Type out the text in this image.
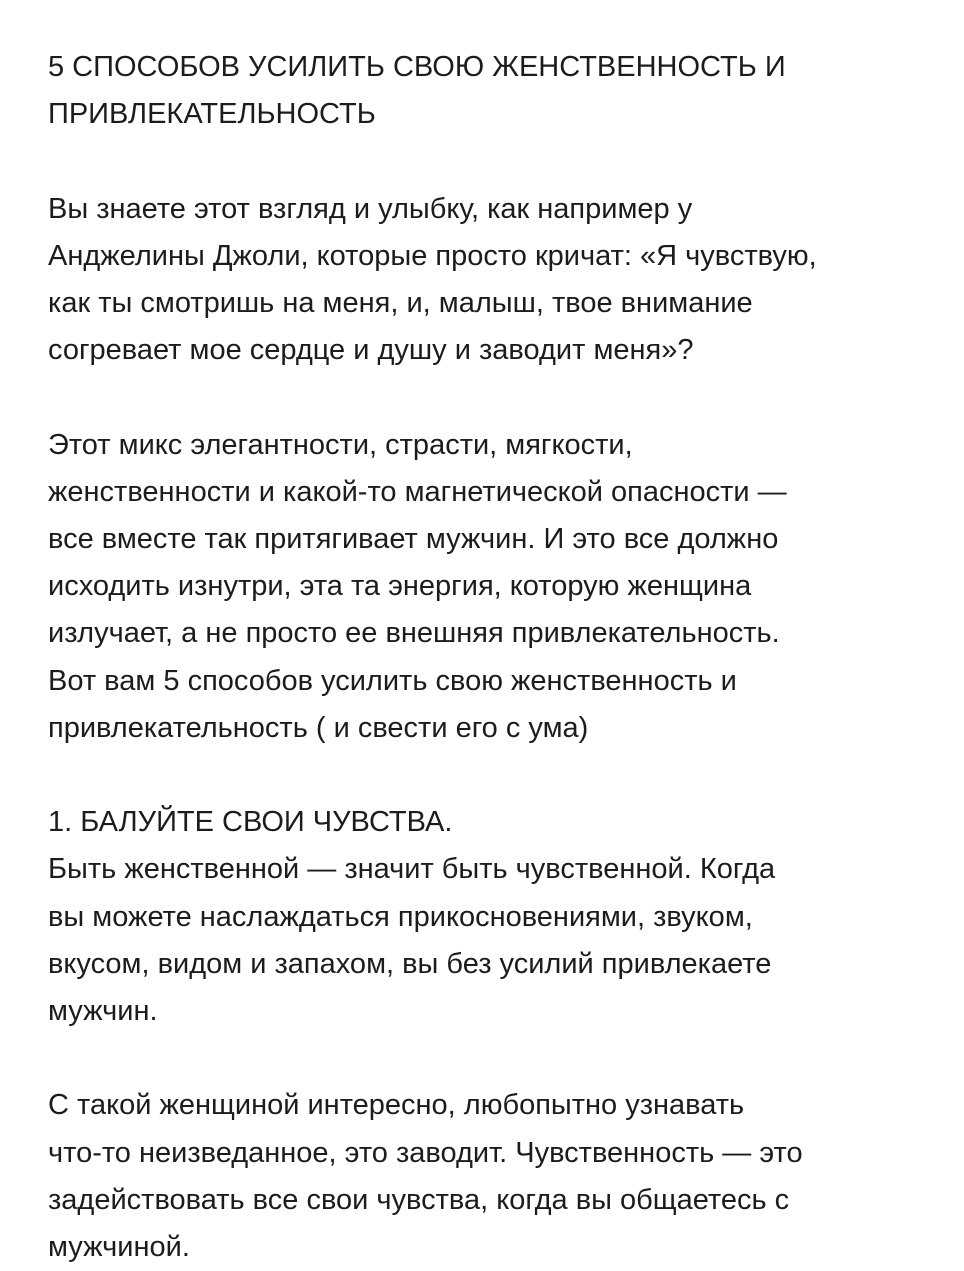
5 СПОСОБОВ УСИЛИТЬ СВОЮ ЖЕНСТВЕННОСТЬ И
ПРИВЛЕКАТЕЛЬНОСТЬ

Вы знаете этот взгляд и улыбку, как например у
Анджелины Джоли, которые просто кричат: «Я чувствую,
как ты смотришь на меня, и, малыш, твое внимание
согревает мое сердце и душу и заводит меня»?

Этот микс элегантности, страсти, мягкости,
женственности и какой-то магнетической опасности —
все вместе так притягивает мужчин. И это все должно
исходить изнутри, эта та энергия, которую женщина
излучает, а не просто ее внешняя привлекательность.
Вот вам 5 способов усилить свою женственность и
привлекательность ( и свести его с ума)

1. БАЛУЙТЕ СВОИ ЧУВСТВА.
Быть женственной — значит быть чувственной. Когда
вы можете наслаждаться прикосновениями, звуком,
вкусом, видом и запахом, вы без усилий привлекаете
мужчин.

С такой женщиной интересно, любопытно узнавать
что-то неизведанное, это заводит. Чувственность — это
задействовать все свои чувства, когда вы общаетесь с
мужчиной.
